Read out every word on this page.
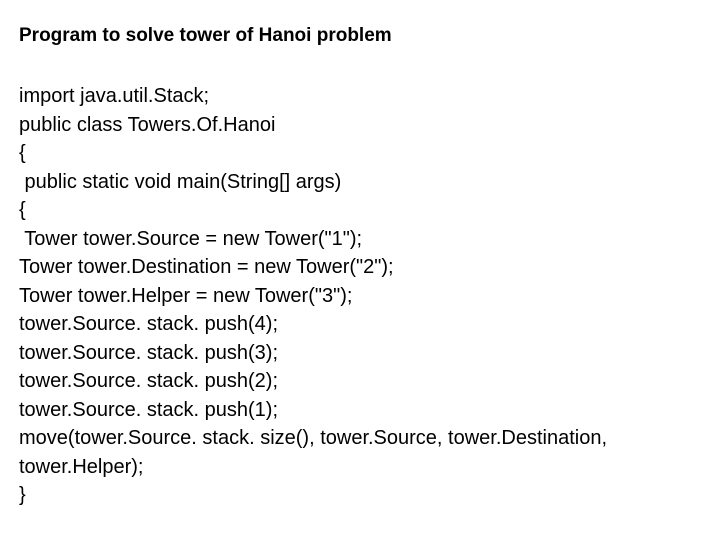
Program to solve tower of Hanoi problem
import java.util.Stack;
public class Towers.Of.Hanoi
{
public static void main(String[] args)
{
Tower tower.Source = new Tower("1");
Tower tower.Destination = new Tower("2");
Tower tower.Helper = new Tower("3");
tower.Source. stack. push(4);
tower.Source. stack. push(3);
tower.Source. stack. push(2);
tower.Source. stack. push(1);
move(tower.Source. stack. size(), tower.Source, tower.Destination,
tower.Helper);
}
